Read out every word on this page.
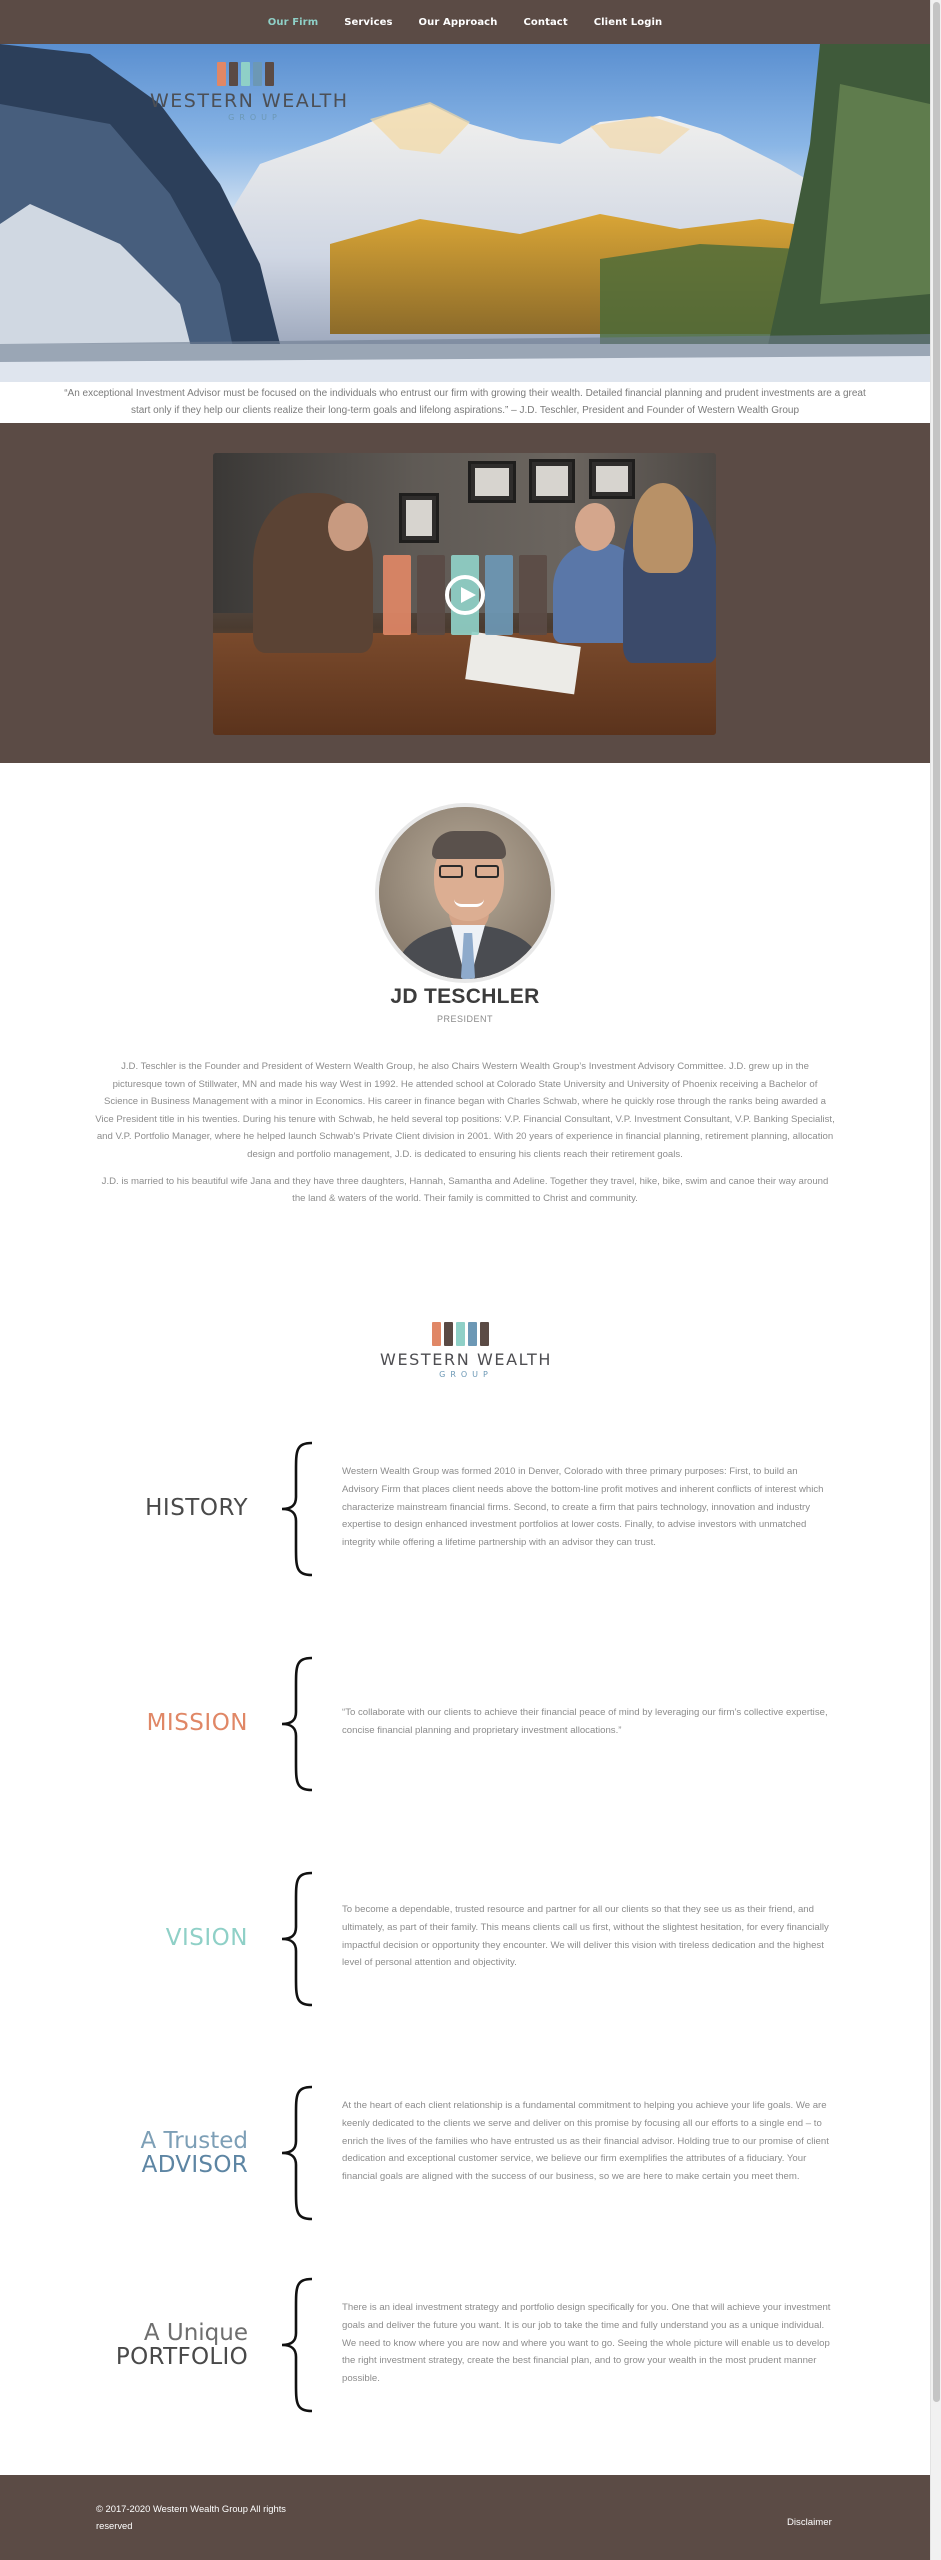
Our Firm	Services	Our Approach	Contact	Client Login
WESTERN WEALTH
GROUP
“An exceptional Investment Advisor must be focused on the individuals who entrust our firm with growing their wealth. Detailed financial planning and prudent investments are a great start only if they help our clients realize their long-term goals and lifelong aspirations.” – J.D. Teschler, President and Founder of Western Wealth Group
JD TESCHLER
PRESIDENT

J.D. Teschler is the Founder and President of Western Wealth Group, he also Chairs Western Wealth Group’s Investment Advisory Committee. J.D. grew up in the picturesque town of Stillwater, MN and made his way West in 1992. He attended school at Colorado State University and University of Phoenix receiving a Bachelor of Science in Business Management with a minor in Economics. His career in finance began with Charles Schwab, where he quickly rose through the ranks being awarded a Vice President title in his twenties. During his tenure with Schwab, he held several top positions: V.P. Financial Consultant, V.P. Investment Consultant, V.P. Banking Specialist, and V.P. Portfolio Manager, where he helped launch Schwab’s Private Client division in 2001. With 20 years of experience in financial planning, retirement planning, allocation design and portfolio management, J.D. is dedicated to ensuring his clients reach their retirement goals.

J.D. is married to his beautiful wife Jana and they have three daughters, Hannah, Samantha and Adeline. Together they travel, hike, bike, swim and canoe their way around the land & waters of the world. Their family is committed to Christ and community.

WESTERN WEALTH
GROUP
HISTORY
Western Wealth Group was formed 2010 in Denver, Colorado with three primary purposes: First, to build an Advisory Firm that places client needs above the bottom-line profit motives and inherent conflicts of interest which characterize mainstream financial firms. Second, to create a firm that pairs technology, innovation and industry expertise to design enhanced investment portfolios at lower costs. Finally, to advise investors with unmatched integrity while offering a lifetime partnership with an advisor they can trust.
MISSION	“To collaborate with our clients to achieve their financial peace of mind by leveraging our firm’s collective expertise, concise financial planning and proprietary investment allocations.”
VISION
To become a dependable, trusted resource and partner for all our clients so that they see us as their friend, and ultimately, as part of their family. This means clients call us first, without the slightest hesitation, for every financially impactful decision or opportunity they encounter. We will deliver this vision with tireless dedication and the highest level of personal attention and objectivity.
A Trusted
ADVISOR
At the heart of each client relationship is a fundamental commitment to helping you achieve your life goals. We are keenly dedicated to the clients we serve and deliver on this promise by focusing all our efforts to a single end – to enrich the lives of the families who have entrusted us as their financial advisor. Holding true to our promise of client dedication and exceptional customer service, we believe our firm exemplifies the attributes of a fiduciary. Your financial goals are aligned with the success of our business, so we are here to make certain you meet them.
A Unique
PORTFOLIO
There is an ideal investment strategy and portfolio design specifically for you. One that will achieve your investment goals and deliver the future you want. It is our job to take the time and fully understand you as a unique individual. We need to know where you are now and where you want to go. Seeing the whole picture will enable us to develop the right investment strategy, create the best financial plan, and to grow your wealth in the most prudent manner possible.
© 2017-2020 Western Wealth Group All rights reserved	Disclaimer
